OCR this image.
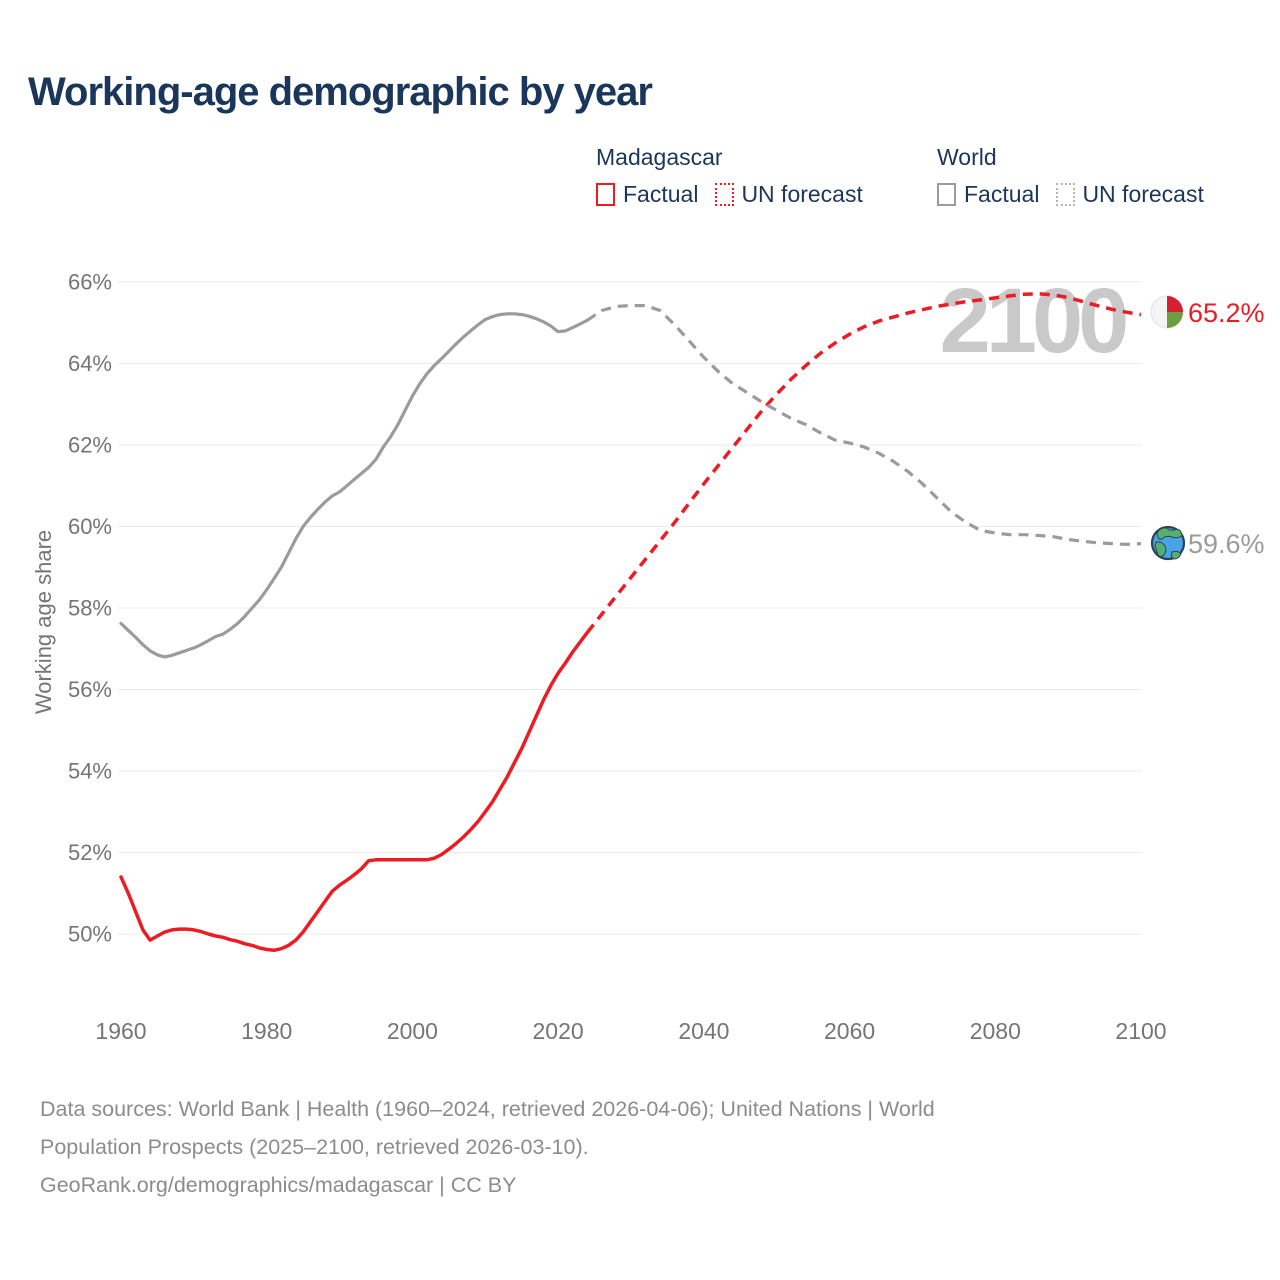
66%
64%
62%
60%
58%
56%
54%
52%
50%
1960	1980	2000	2020	2040	2060	2080	2100
2100 65.2%
59.6%
Working-age demographic by year
Madagascar
Factual UN forecast
World
Factual UN forecast
Working age share
Data sources: World Bank | Health (1960–2024, retrieved 2026-04-06); United Nations | World
Population Prospects (2025–2100, retrieved 2026-03-10).
GeoRank.org/demographics/madagascar | CC BY
